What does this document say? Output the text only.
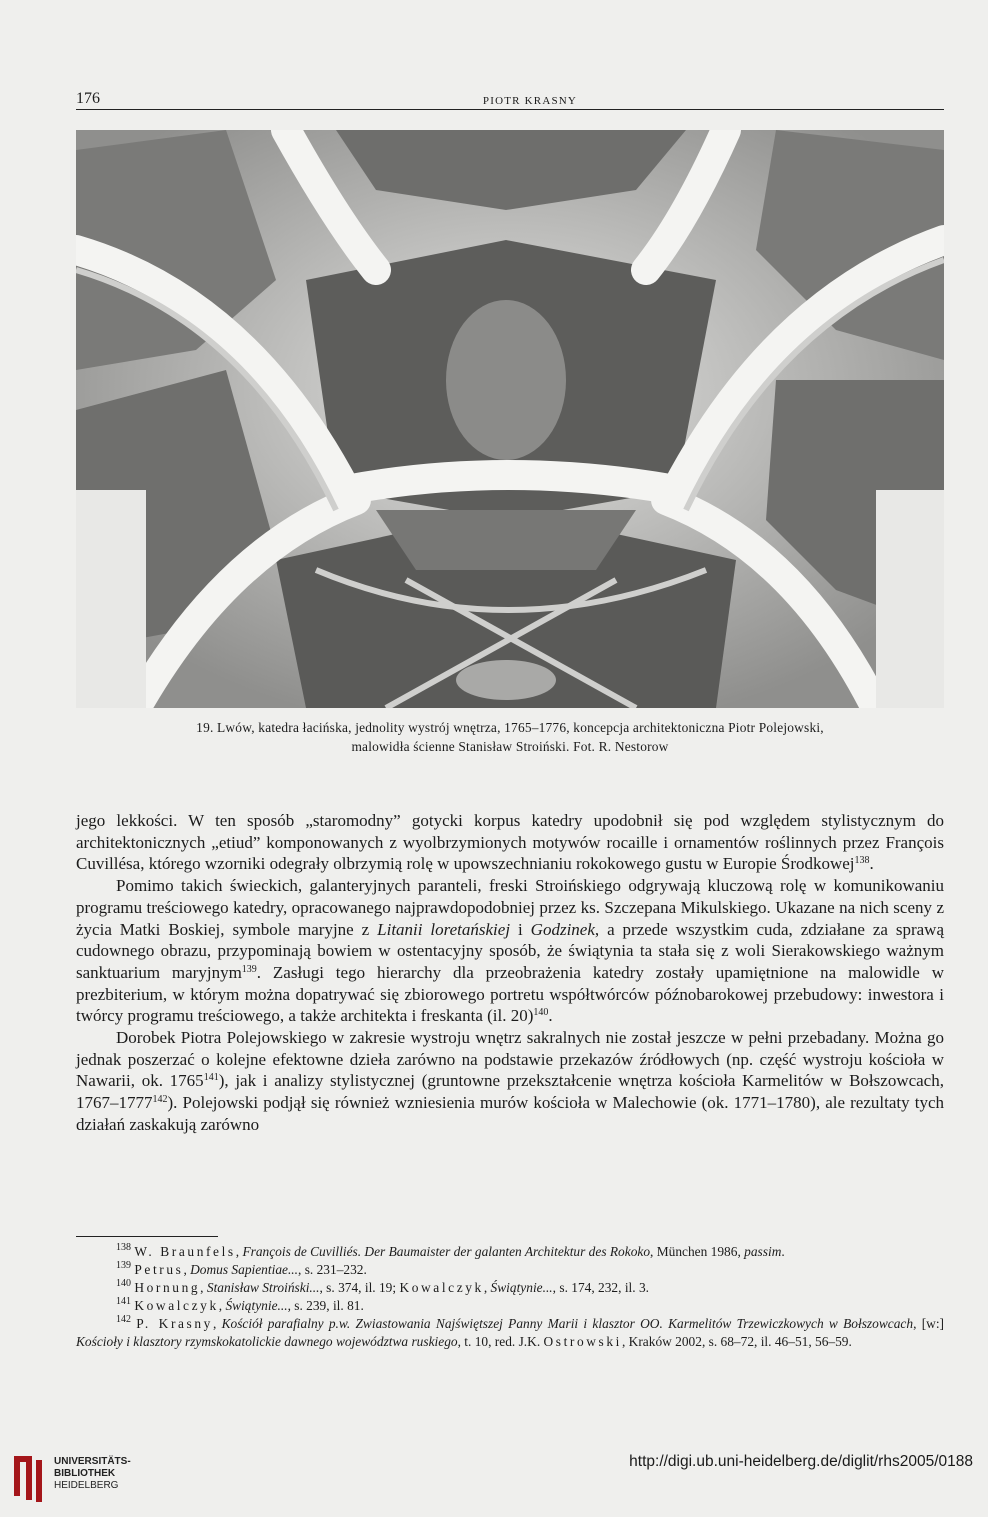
176	PIOTR KRASNY

19. Lwów, katedra łacińska, jednolity wystrój wnętrza, 1765–1776, koncepcja architektoniczna Piotr Polejowski,

malowidła ścienne Stanisław Stroiński. Fot. R. Nestorow

jego lekkości. W ten sposób „staromodny” gotycki korpus katedry upodobnił się pod względem stylistycznym do architektonicznych „etiud” komponowanych z wyolbrzymionych motywów rocaille i ornamentów roślinnych przez François Cuvillésa, którego wzorniki odegrały olbrzymią rolę w upowszechnianiu rokokowego gustu w Europie Środkowej$^{138}$.

Pomimo takich świeckich, galanteryjnych paranteli, freski Stroińskiego odgrywają kluczową rolę w komunikowaniu programu treściowego katedry, opracowanego najprawdopodobniej przez ks. Szczepana Mikulskiego. Ukazane na nich sceny z życia Matki Boskiej, symbole maryjne z Litanii loretańskiej i Godzinek, a przede wszystkim cuda, zdziałane za sprawą cudownego obrazu, przypominają bowiem w ostentacyjny sposób, że świątynia ta stała się z woli Sierakowskiego ważnym sanktuarium maryjnym$^{139}$. Zasługi tego hierarchy dla przeobrażenia katedry zostały upamiętnione na malowidle w prezbiterium, w którym można dopatrywać się zbiorowego portretu współtwórców późnobarokowej przebudowy: inwestora i twórcy programu treściowego, a także architekta i freskanta (il. 20)$^{140}$.

Dorobek Piotra Polejowskiego w zakresie wystroju wnętrz sakralnych nie został jeszcze w pełni przebadany. Można go jednak poszerzać o kolejne efektowne dzieła zarówno na podstawie przekazów źródłowych (np. część wystroju kościoła w Nawarii, ok. 1765$^{141}$), jak i analizy stylistycznej (gruntowne przekształcenie wnętrza kościoła Karmelitów w Bołszowcach, 1767–1777$^{142}$). Polejowski podjął się również wzniesienia murów kościoła w Malechowie (ok. 1771–1780), ale rezultaty tych działań zaskakują zarówno

$^{138}$ W. Braunfels, François de Cuvilliés. Der Baumaister der galanten Architektur des Rokoko, München 1986, passim.
$^{139}$ Petrus, Domus Sapientiae..., s. 231–232.
$^{140}$ Hornung, Stanisław Stroiński..., s. 374, il. 19; Kowalczyk, Świątynie..., s. 174, 232, il. 3.
$^{141}$ Kowalczyk, Świątynie..., s. 239, il. 81.
$^{142}$ P. Krasny, Kościół parafialny p.w. Zwiastowania Najświętszej Panny Marii i klasztor OO. Karmelitów Trzewiczkowych w Bołszowcach, [w:] Kościoły i klasztory rzymskokatolickie dawnego województwa ruskiego, t. 10, red. J.K. Ostrowski, Kraków 2002, s. 68–72, il. 46–51, 56–59.
UNIVERSITÄTS-
BIBLIOTHEK
HEIDELBERG
http://digi.ub.uni-heidelberg.de/diglit/rhs2005/0188
